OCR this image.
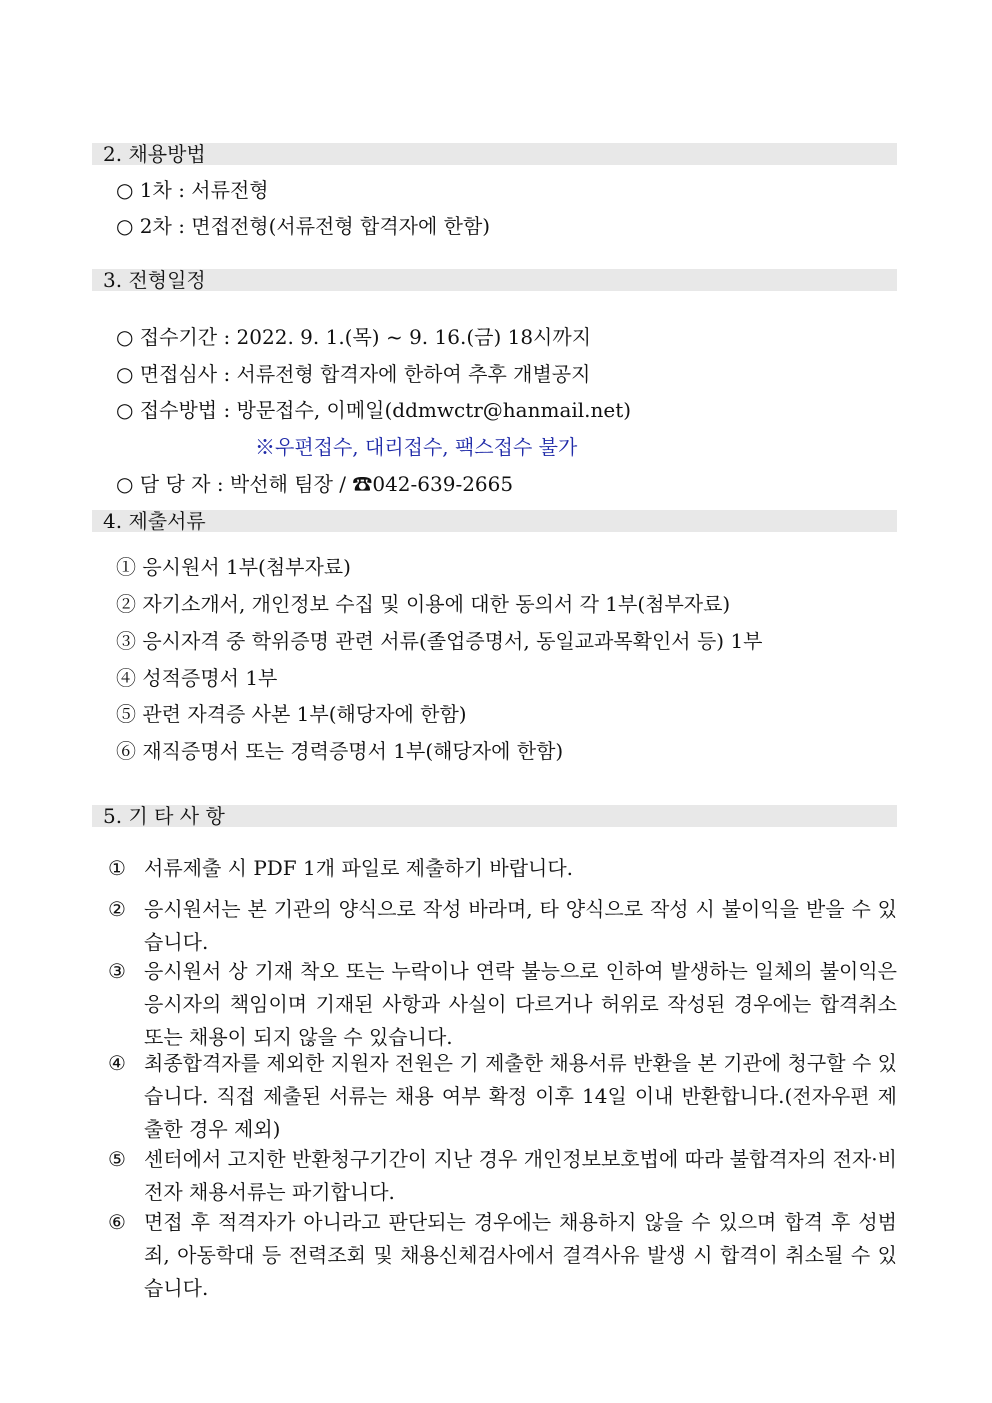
2. 채용방법
○ 1차 : 서류전형
○ 2차 : 면접전형(서류전형 합격자에 한함)
3. 전형일정
○ 접수기간 : 2022. 9. 1.(목) ~ 9. 16.(금) 18시까지
○ 면접심사 : 서류전형 합격자에 한하여 추후 개별공지
○ 접수방법 : 방문접수, 이메일(ddmwctr@hanmail.net)
※우편접수, 대리접수, 팩스접수 불가
○ 담 당 자 : 박선해 팀장 / ☎042-639-2665
4. 제출서류
① 응시원서 1부(첨부자료)
② 자기소개서, 개인정보 수집 및 이용에 대한 동의서 각 1부(첨부자료)
③ 응시자격 중 학위증명 관련 서류(졸업증명서, 동일교과목확인서 등) 1부
④ 성적증명서 1부
⑤ 관련 자격증 사본 1부(해당자에 한함)
⑥ 재직증명서 또는 경력증명서 1부(해당자에 한함)
5. 기 타 사 항
① 서류제출 시 PDF 1개 파일로 제출하기 바랍니다.
② 응시원서는 본 기관의 양식으로 작성 바라며, 타 양식으로 작성 시 불이익을 받을 수 있습니다.
③ 응시원서 상 기재 착오 또는 누락이나 연락 불능으로 인하여 발생하는 일체의 불이익은 응시자의 책임이며 기재된 사항과 사실이 다르거나 허위로 작성된 경우에는 합격취소 또는 채용이 되지 않을 수 있습니다.
④ 최종합격자를 제외한 지원자 전원은 기 제출한 채용서류 반환을 본 기관에 청구할 수 있습니다. 직접 제출된 서류는 채용 여부 확정 이후 14일 이내 반환합니다.(전자우편 제출한 경우 제외)
⑤ 센터에서 고지한 반환청구기간이 지난 경우 개인정보보호법에 따라 불합격자의 전자·비전자 채용서류는 파기합니다.
⑥ 면접 후 적격자가 아니라고 판단되는 경우에는 채용하지 않을 수 있으며 합격 후 성범죄, 아동학대 등 전력조회 및 채용신체검사에서 결격사유 발생 시 합격이 취소될 수 있습니다.
